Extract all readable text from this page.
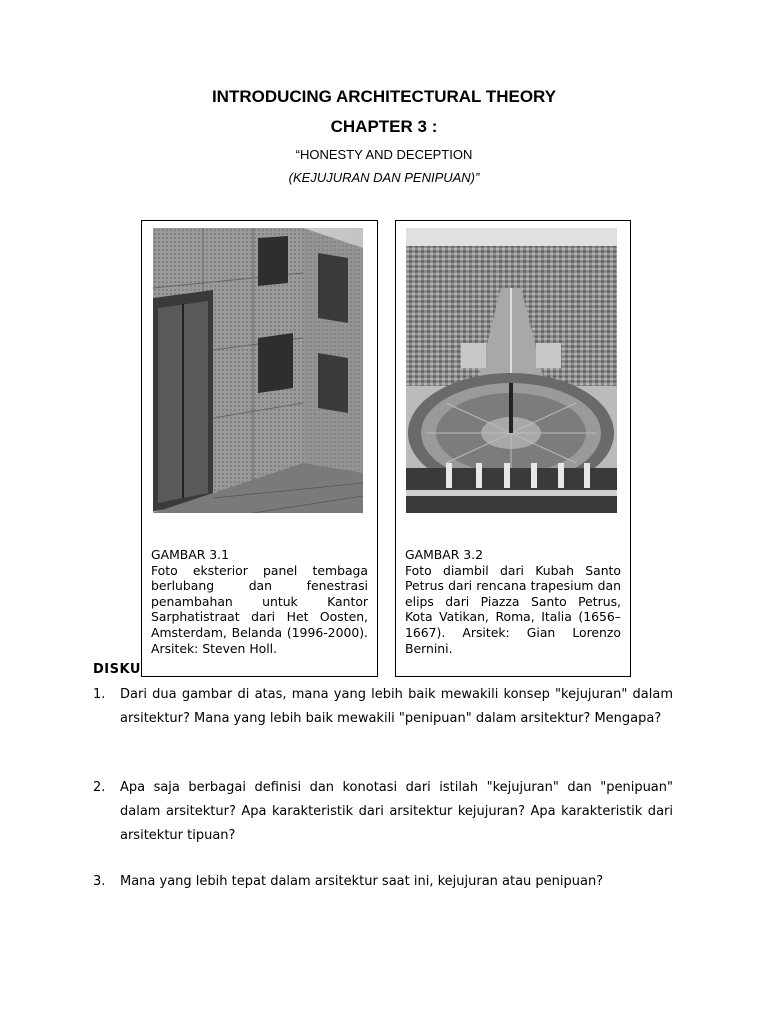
INTRODUCING ARCHITECTURAL THEORY
CHAPTER 3 :
“HONESTY AND DECEPTION
(KEJUJURAN DAN PENIPUAN)”
GAMBAR 3.1
Foto eksterior panel tembaga berlubang dan fenestrasi penambahan untuk Kantor Sarphatistraat dari Het Oosten, Amsterdam, Belanda (1996-2000). Arsitek: Steven Holl.
GAMBAR 3.2
Foto diambil dari Kubah Santo Petrus dari rencana trapesium dan elips dari Piazza Santo Petrus, Kota Vatikan, Roma, Italia (1656–1667). Arsitek: Gian Lorenzo Bernini.
DISKU
1. Dari dua gambar di atas, mana yang lebih baik mewakili konsep "kejujuran" dalam arsitektur? Mana yang lebih baik mewakili "penipuan" dalam arsitektur? Mengapa?
2. Apa saja berbagai definisi dan konotasi dari istilah "kejujuran" dan "penipuan" dalam arsitektur? Apa karakteristik dari arsitektur kejujuran? Apa karakteristik dari arsitektur tipuan?
3. Mana yang lebih tepat dalam arsitektur saat ini, kejujuran atau penipuan?
